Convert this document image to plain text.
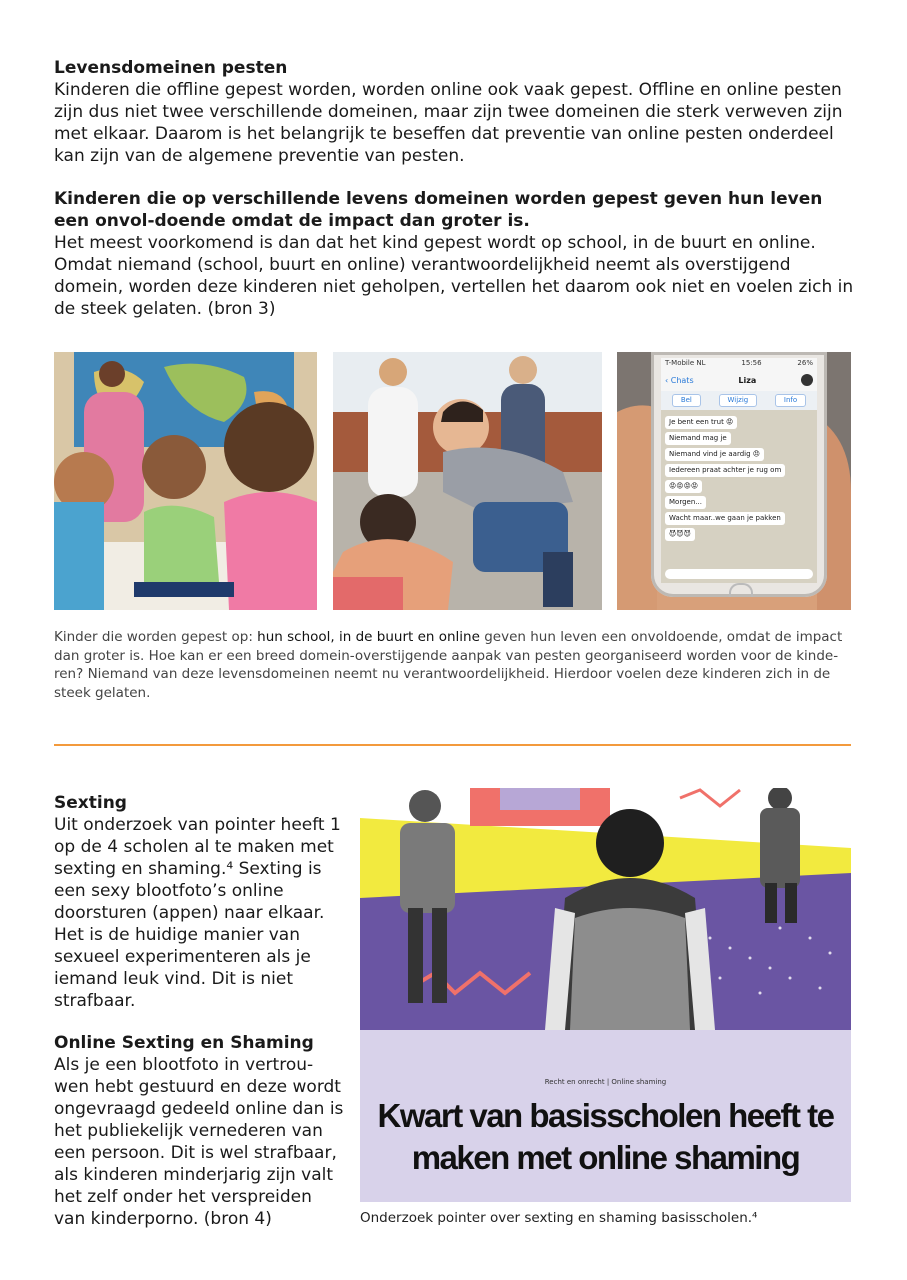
Levensdomeinen pesten
Kinderen die offline gepest worden, worden online ook vaak gepest. Offline en online pesten zijn dus niet twee verschillende domeinen, maar zijn twee domeinen die sterk verweven zijn met elkaar. Daarom is het belangrijk te beseffen dat preventie van online pesten onderdeel kan zijn van de algemene preventie van pesten.
Kinderen die op verschillende levens domeinen worden gepest geven hun leven een onvol-doende omdat de impact dan groter is.
Het meest voorkomend is dan dat het kind gepest wordt op school, in de buurt en online. Omdat niemand (school, buurt en online) verantwoordelijkheid neemt als overstijgend domein, worden deze kinderen niet geholpen, vertellen het daarom ook niet en voelen zich in de steek gelaten. (bron 3)
T-Mobile NL	15:56	26%
‹ Chats	Liza
Bel	Wijzig	Info
Je bent een trut 😡
Niemand mag je
Niemand vind je aardig 😠
Iedereen praat achter je rug om
😡😡😡😡
Morgen...
Wacht maar..we gaan je pakken
😈😈😈
Kinder die worden gepest op: hun school, in de buurt en online geven hun leven een onvoldoende, omdat de impact dan groter is. Hoe kan er een breed domein-overstijgende aanpak van pesten georganiseerd worden voor de kinde-ren? Niemand van deze levensdomeinen neemt nu verantwoordelijkheid. Hierdoor voelen deze kinderen zich in de steek gelaten.
Sexting
Uit onderzoek van pointer heeft 1 op de 4 scholen al te maken met sexting en shaming.⁴ Sexting is een sexy blootfoto’s online doorsturen (appen) naar elkaar. Het is de huidige manier van sexueel experimenteren als je iemand leuk vind. Dit is niet strafbaar.
Online Sexting en Shaming
Als je een blootfoto in vertrou-wen hebt gestuurd en deze wordt ongevraagd gedeeld online dan is het publiekelijk vernederen van een persoon. Dit is wel strafbaar, als kinderen minderjarig zijn valt het zelf onder het verspreiden van kinderporno. (bron 4)
Recht en onrecht | Online shaming
Kwart van basisscholen heeft te
maken met online shaming
Onderzoek pointer over sexting en shaming basisscholen.⁴
